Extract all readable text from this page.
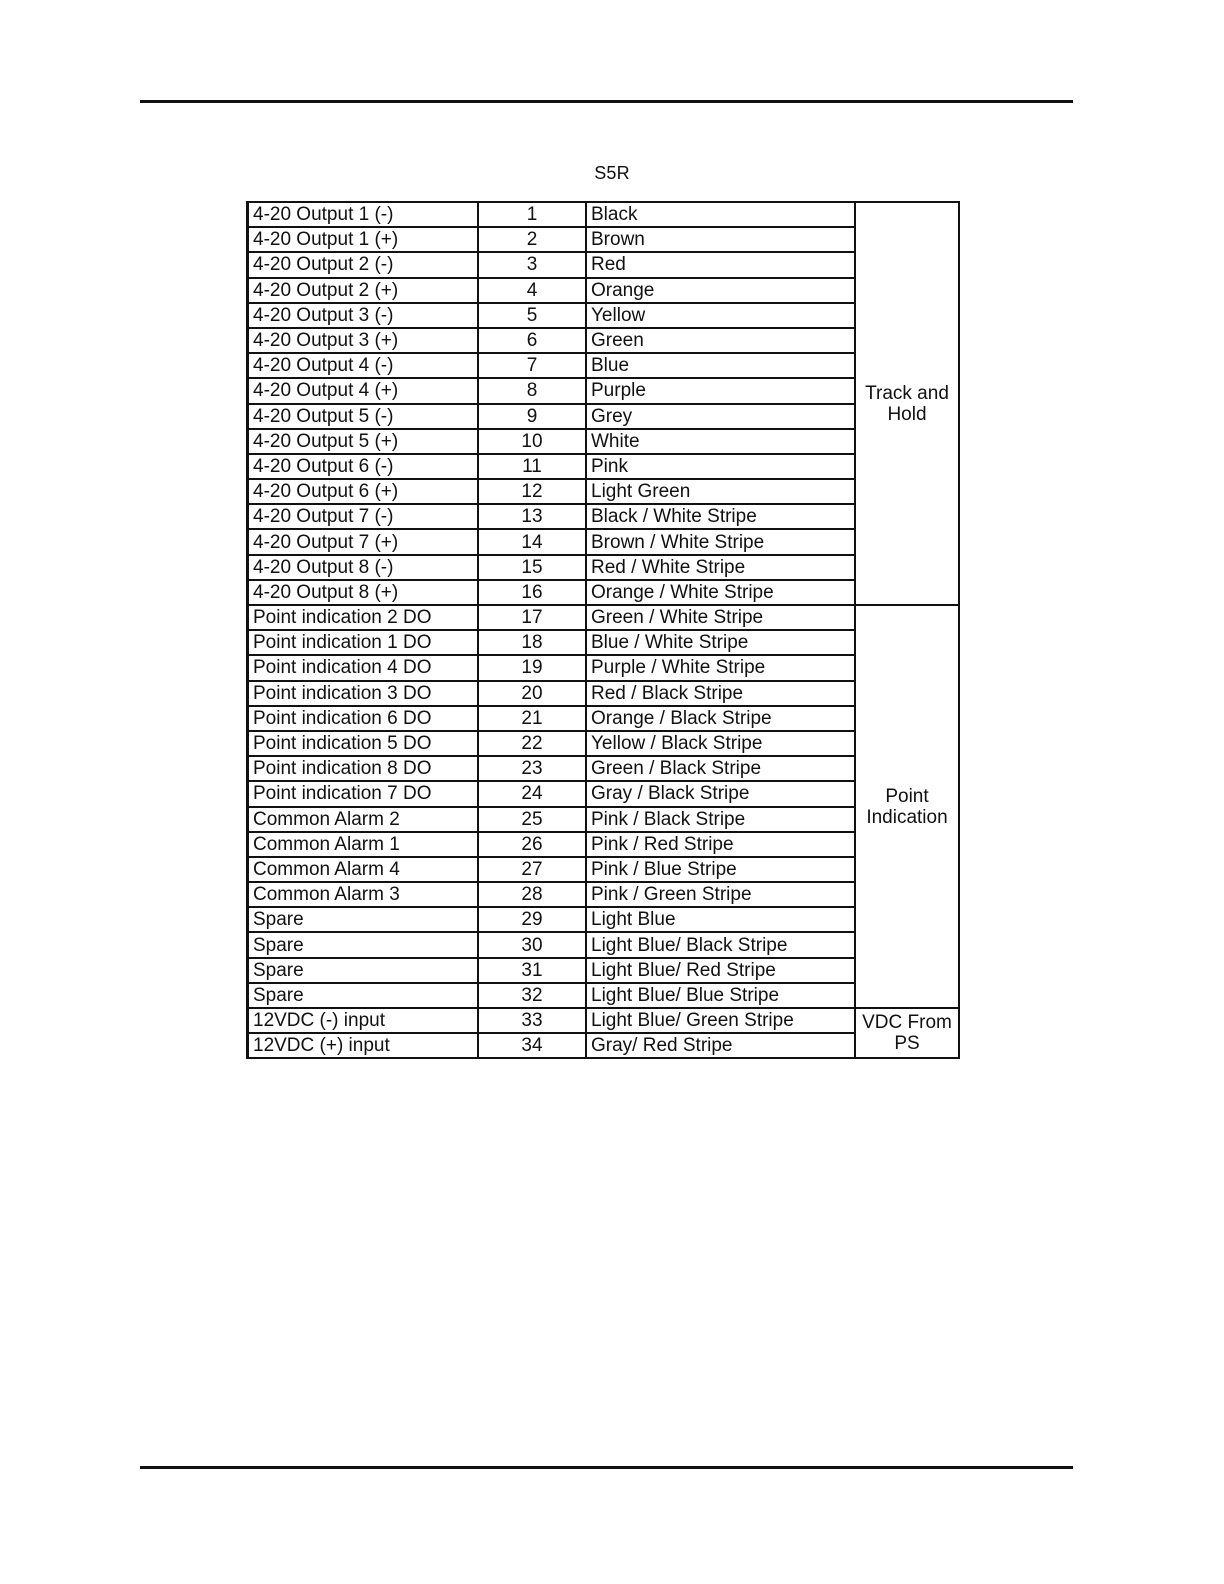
S5R
4-20 Output 1 (-)	1	Black	Track and Hold
4-20 Output 1 (+)	2	Brown	
4-20 Output 2 (-)	3	Red	
4-20 Output 2 (+)	4	Orange	
4-20 Output 3 (-)	5	Yellow	
4-20 Output 3 (+)	6	Green	
4-20 Output 4 (-)	7	Blue	
4-20 Output 4 (+)	8	Purple	
4-20 Output 5 (-)	9	Grey	
4-20 Output 5 (+)	10	White	
4-20 Output 6 (-)	11	Pink	
4-20 Output 6 (+)	12	Light Green	
4-20 Output 7 (-)	13	Black / White Stripe	
4-20 Output 7 (+)	14	Brown / White Stripe	
4-20 Output 8 (-)	15	Red / White Stripe	
4-20 Output 8 (+)	16	Orange / White Stripe	
Point indication 2 DO	17	Green / White Stripe	Point Indication
Point indication 1 DO	18	Blue / White Stripe	
Point indication 4 DO	19	Purple / White Stripe	
Point indication 3 DO	20	Red / Black Stripe	
Point indication 6 DO	21	Orange / Black Stripe	
Point indication 5 DO	22	Yellow / Black Stripe	
Point indication 8 DO	23	Green / Black Stripe	
Point indication 7 DO	24	Gray / Black Stripe	
Common Alarm 2	25	Pink / Black Stripe	
Common Alarm 1	26	Pink / Red Stripe	
Common Alarm 4	27	Pink / Blue Stripe	
Common Alarm 3	28	Pink / Green Stripe	
Spare	29	Light Blue	
Spare	30	Light Blue/ Black Stripe	
Spare	31	Light Blue/ Red Stripe	
Spare	32	Light Blue/ Blue Stripe	
12VDC (-) input	33	Light Blue/ Green Stripe	VDC From PS
12VDC (+) input	34	Gray/ Red Stripe	
